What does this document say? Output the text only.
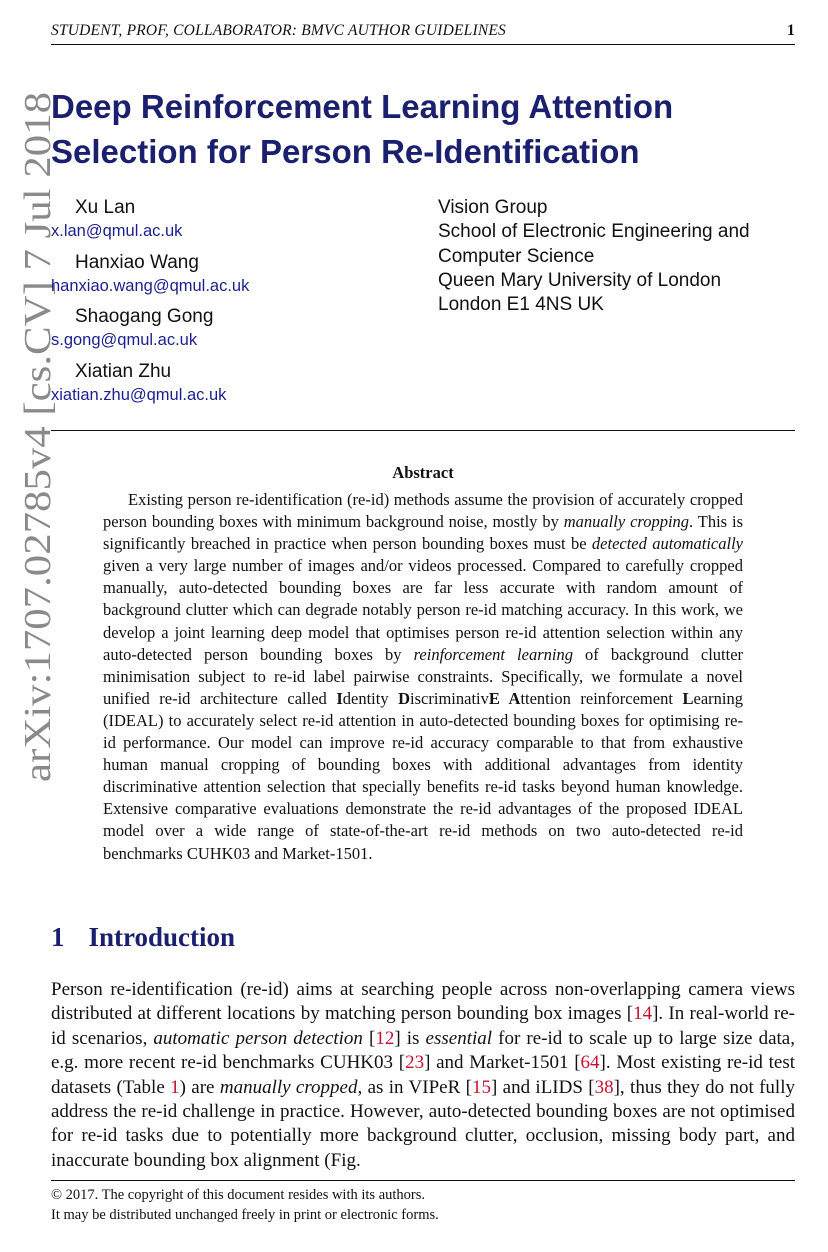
STUDENT, PROF, COLLABORATOR: BMVC AUTHOR GUIDELINES	1
Deep Reinforcement Learning Attention
Selection for Person Re-Identification
arXiv:1707.02785v4 [cs.CV] 7 Jul 2018 Xu Lan
x.lan@qmul.ac.uk
Hanxiao Wang
hanxiao.wang@qmul.ac.uk
Shaogang Gong
s.gong@qmul.ac.uk
Xiatian Zhu
xiatian.zhu@qmul.ac.uk
Vision Group
School of Electronic Engineering and
Computer Science
Queen Mary University of London
London E1 4NS UK
Abstract
Existing person re-identification (re-id) methods assume the provision of accurately cropped person bounding boxes with minimum background noise, mostly by manually cropping. This is significantly breached in practice when person bounding boxes must be detected automatically given a very large number of images and/or videos processed. Compared to carefully cropped manually, auto-detected bounding boxes are far less accurate with random amount of background clutter which can degrade notably person re-id matching accuracy. In this work, we develop a joint learning deep model that optimises person re-id attention selection within any auto-detected person bounding boxes by reinforcement learning of background clutter minimisation subject to re-id label pairwise constraints. Specifically, we formulate a novel unified re-id architecture called Identity DiscriminativE Attention reinforcement Learning (IDEAL) to accurately select re-id attention in auto-detected bounding boxes for optimising re-id performance. Our model can improve re-id accuracy comparable to that from exhaustive human manual cropping of bounding boxes with additional advantages from identity discriminative attention selection that specially benefits re-id tasks beyond human knowledge. Extensive comparative evaluations demonstrate the re-id advantages of the proposed IDEAL model over a wide range of state-of-the-art re-id methods on two auto-detected re-id benchmarks CUHK03 and Market-1501.
1 Introduction
Person re-identification (re-id) aims at searching people across non-overlapping camera views distributed at different locations by matching person bounding box images [14]. In real-world re-id scenarios, automatic person detection [12] is essential for re-id to scale up to large size data, e.g. more recent re-id benchmarks CUHK03 [23] and Market-1501 [64]. Most existing re-id test datasets (Table 1) are manually cropped, as in VIPeR [15] and iLIDS [38], thus they do not fully address the re-id challenge in practice. However, auto-detected bounding boxes are not optimised for re-id tasks due to potentially more background clutter, occlusion, missing body part, and inaccurate bounding box alignment (Fig.
© 2017. The copyright of this document resides with its authors.
It may be distributed unchanged freely in print or electronic forms.
